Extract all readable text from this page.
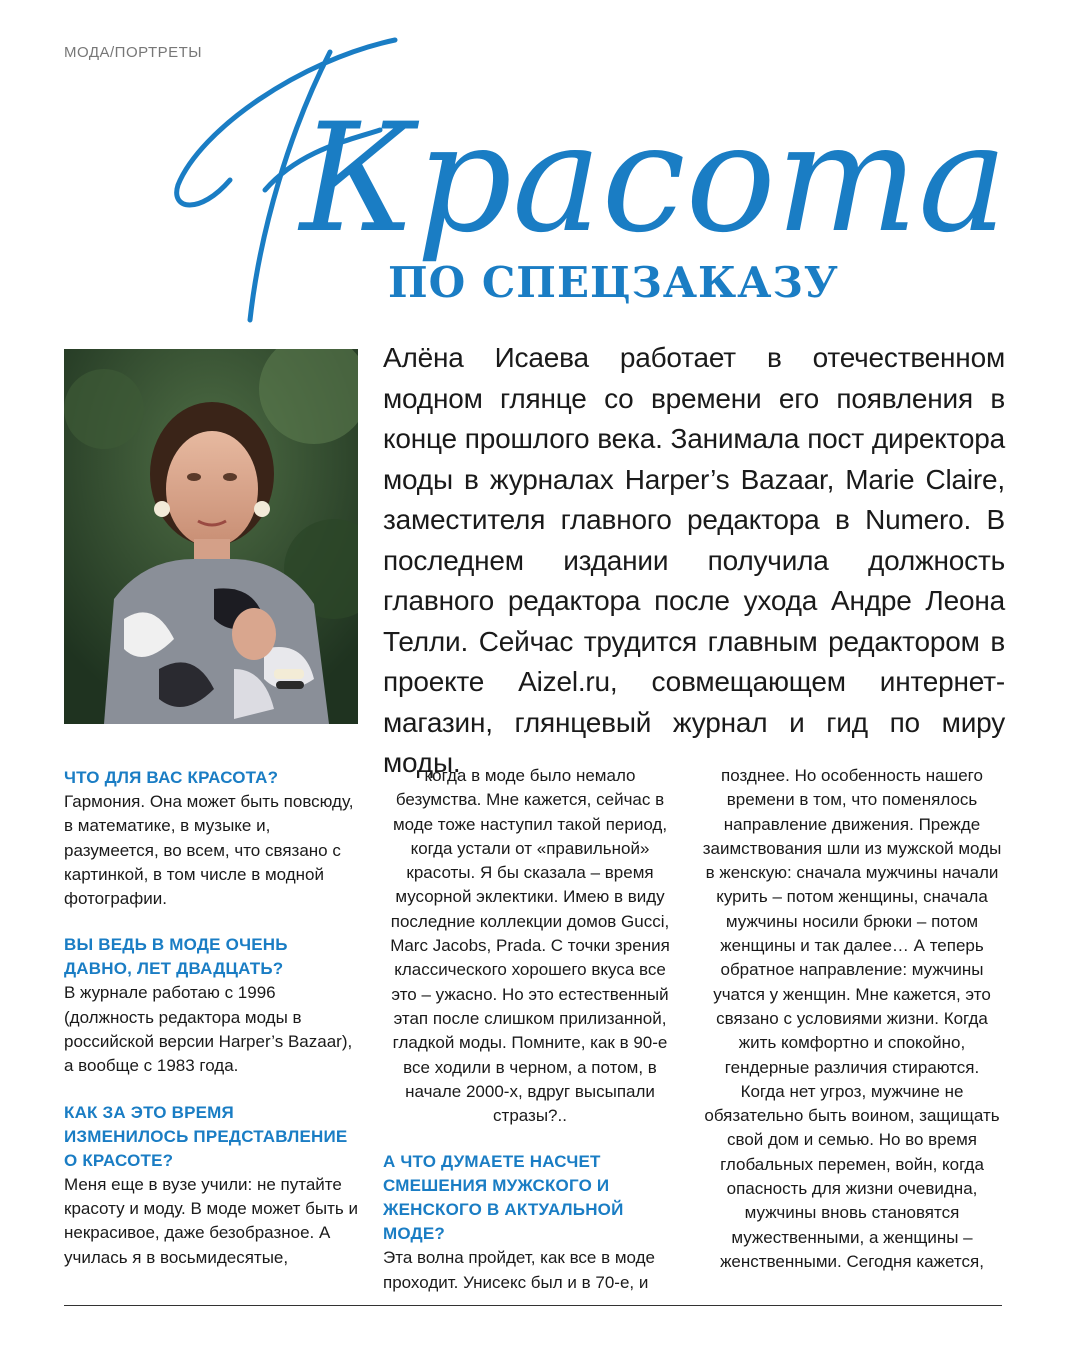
МОДА/ПОРТРЕТЫ
Красота
ПО СПЕЦЗАКАЗУ
Алёна Исаева работает в отечественном модном глянце со времени его появления в конце прошлого века. Занимала пост директора моды в журналах Harper’s Bazaar, Marie Claire, заместителя главного редактора в Numero. В последнем издании получила должность главного редактора после ухода Андре Леона Телли. Сейчас трудится главным редактором в проекте Aizel.ru, совмещающем интернет-магазин, глянцевый журнал и гид по миру моды.
ЧТО ДЛЯ ВАС КРАСОТА?
Гармония. Она может быть повсюду, в математике, в музыке и, разумеется, во всем, что связано с картинкой, в том числе в модной фотографии.
ВЫ ВЕДЬ В МОДЕ ОЧЕНЬ ДАВНО, ЛЕТ ДВАДЦАТЬ?
В журнале работаю с 1996 (должность редактора моды в российской версии Harper’s Bazaar), а вообще с 1983 года.
КАК ЗА ЭТО ВРЕМЯ ИЗМЕНИЛОСЬ ПРЕДСТАВЛЕНИЕ О КРАСОТЕ?
Меня еще в вузе учили: не путайте красоту и моду. В моде может быть и некрасивое, даже безобразное. А училась я в восьмидесятые,
когда в моде было немало безумства. Мне кажется, сейчас в моде тоже наступил такой период, когда устали от «правильной» красоты. Я бы сказала – время мусорной эклектики. Имею в виду последние коллекции домов Gucci, Marc Jacobs, Prada. С точки зрения классического хорошего вкуса все это – ужасно. Но это естественный этап после слишком прилизанной, гладкой моды. Помните, как в 90-е все ходили в черном, а потом, в начале 2000-х, вдруг высыпали стразы?..
А ЧТО ДУМАЕТЕ НАСЧЕТ СМЕШЕНИЯ МУЖСКОГО И ЖЕНСКОГО В АКТУАЛЬНОЙ МОДЕ?
Эта волна пройдет, как все в моде проходит. Унисекс был и в 70-е, и
позднее. Но особенность нашего времени в том, что поменялось направление движения. Прежде заимствования шли из мужской моды в женскую: сначала мужчины начали курить – потом женщины, сначала мужчины носили брюки – потом женщины и так далее… А теперь обратное направление: мужчины учатся у женщин. Мне кажется, это связано с условиями жизни. Когда жить комфортно и спокойно, гендерные различия стираются. Когда нет угроз, мужчине не обязательно быть воином, защищать свой дом и семью. Но во время глобальных перемен, войн, когда опасность для жизни очевидна, мужчины вновь становятся мужественными, а женщины – женственными. Сегодня кажется,
